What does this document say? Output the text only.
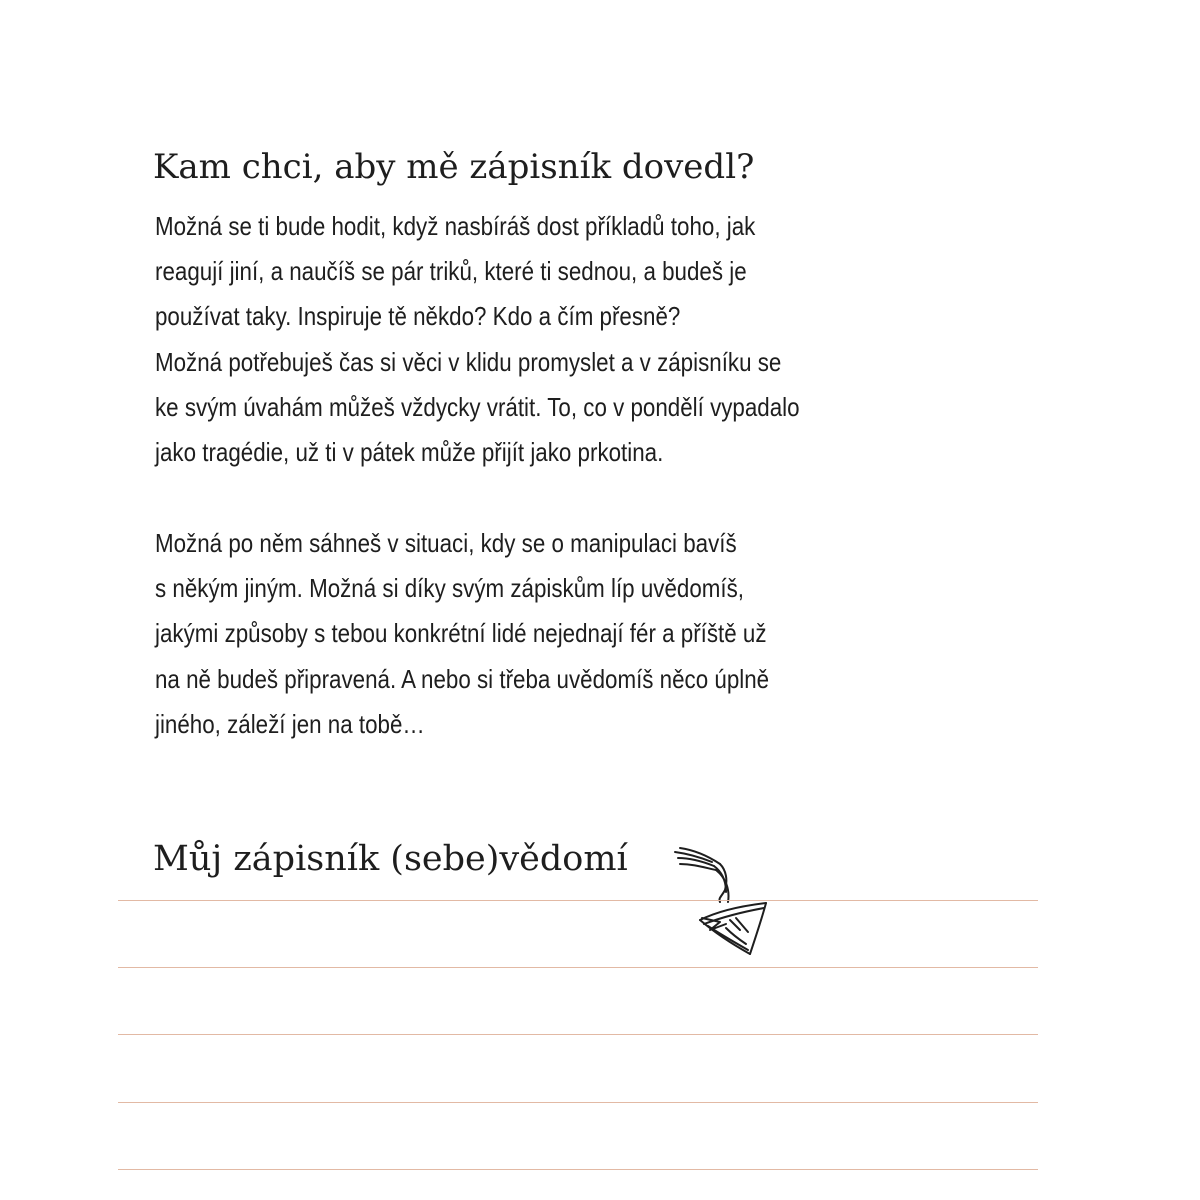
Kam chci, aby mě zápisník dovedl?
Možná se ti bude hodit, když nasbíráš dost příkladů toho, jak
reagují jiní, a naučíš se pár triků, které ti sednou, a budeš je
používat taky. Inspiruje tě někdo? Kdo a čím přesně?
Možná potřebuješ čas si věci v klidu promyslet a v zápisníku se
ke svým úvahám můžeš vždycky vrátit. To, co v pondělí vypadalo
jako tragédie, už ti v pátek může přijít jako prkotina.
Možná po něm sáhneš v situaci, kdy se o manipulaci bavíš
s někým jiným. Možná si díky svým zápiskům líp uvědomíš,
jakými způsoby s tebou konkrétní lidé nejednají fér a příště už
na ně budeš připravená. A nebo si třeba uvědomíš něco úplně
jiného, záleží jen na tobě…
Můj zápisník (sebe)vědomí
